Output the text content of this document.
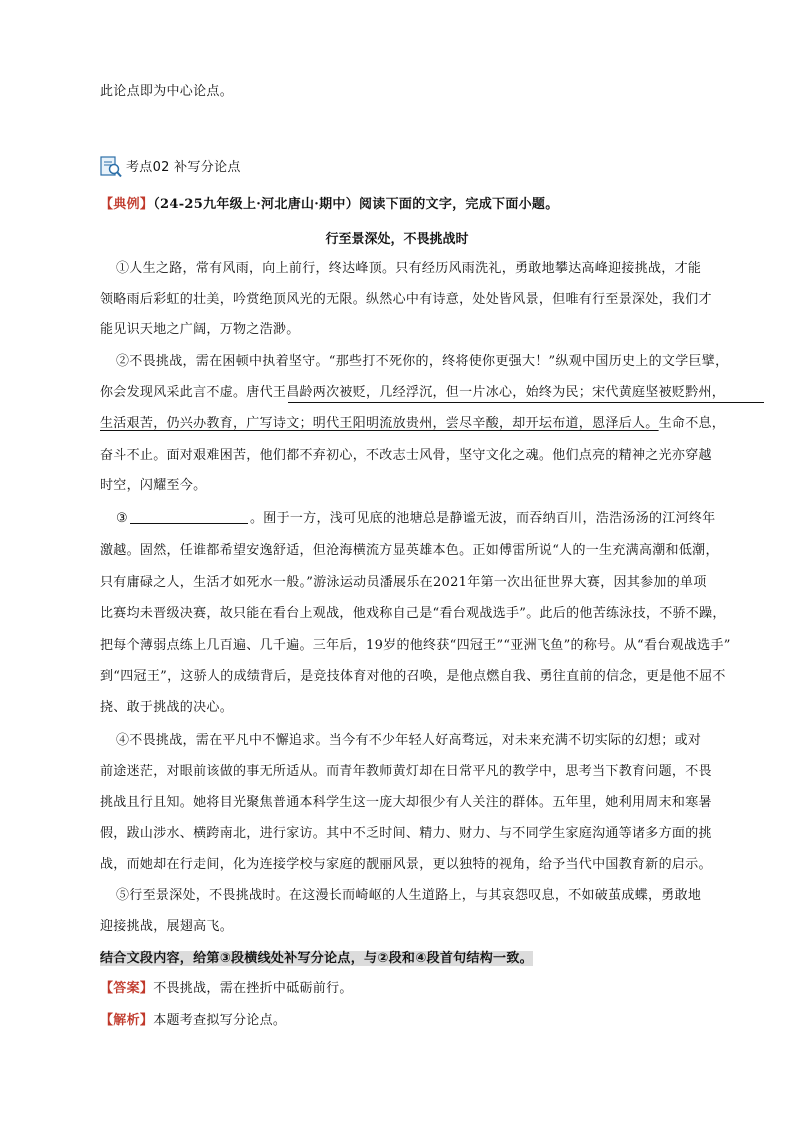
此论点即为中心论点。
考点02 补写分论点
【典例】（24-25九年级上·河北唐山·期中）阅读下面的文字，完成下面小题。
行至景深处，不畏挑战时
①人生之路，常有风雨，向上前行，终达峰顶。只有经历风雨洗礼，勇敢地攀达高峰迎接挑战，才能
领略雨后彩虹的壮美，吟赏绝顶风光的无限。纵然心中有诗意，处处皆风景，但唯有行至景深处，我们才
能见识天地之广阔，万物之浩渺。
②不畏挑战，需在困顿中执着坚守。“那些打不死你的，终将使你更强大！”纵观中国历史上的文学巨擘，
你会发现风采此言不虚。唐代王昌龄两次被贬，几经浮沉，但一片冰心，始终为民；宋代黄庭坚被贬黔州，
生活艰苦，仍兴办教育，广写诗文；明代王阳明流放贵州，尝尽辛酸，却开坛布道，恩泽后人。生命不息，
奋斗不止。面对艰难困苦，他们都不弃初心，不改志士风骨，坚守文化之魂。他们点亮的精神之光亦穿越
时空，闪耀至今。
③	。囿于一方，浅可见底的池塘总是静谧无波，而吞纳百川，浩浩汤汤的江河终年
激越。固然，任谁都希望安逸舒适，但沧海横流方显英雄本色。正如傅雷所说“人的一生充满高潮和低潮，
只有庸碌之人，生活才如死水一般。”游泳运动员潘展乐在2021年第一次出征世界大赛，因其参加的单项
比赛均未晋级决赛，故只能在看台上观战，他戏称自己是“看台观战选手”。此后的他苦练泳技，不骄不躁，
把每个薄弱点练上几百遍、几千遍。三年后，19岁的他终获“四冠王”“亚洲飞鱼”的称号。从“看台观战选手”
到“四冠王”，这骄人的成绩背后，是竞技体育对他的召唤，是他点燃自我、勇往直前的信念，更是他不屈不
挠、敢于挑战的决心。
④不畏挑战，需在平凡中不懈追求。当今有不少年轻人好高骛远，对未来充满不切实际的幻想；或对
前途迷茫，对眼前该做的事无所适从。而青年教师黄灯却在日常平凡的教学中，思考当下教育问题，不畏
挑战且行且知。她将目光聚焦普通本科学生这一庞大却很少有人关注的群体。五年里，她利用周末和寒暑
假，跋山涉水、横跨南北，进行家访。其中不乏时间、精力、财力、与不同学生家庭沟通等诸多方面的挑
战，而她却在行走间，化为连接学校与家庭的靓丽风景，更以独特的视角，给予当代中国教育新的启示。
⑤行至景深处，不畏挑战时。在这漫长而崎岖的人生道路上，与其哀怨叹息，不如破茧成蝶，勇敢地
迎接挑战，展翅高飞。
结合文段内容，给第③段横线处补写分论点，与②段和④段首句结构一致。
【答案】不畏挑战，需在挫折中砥砺前行。
【解析】本题考查拟写分论点。
